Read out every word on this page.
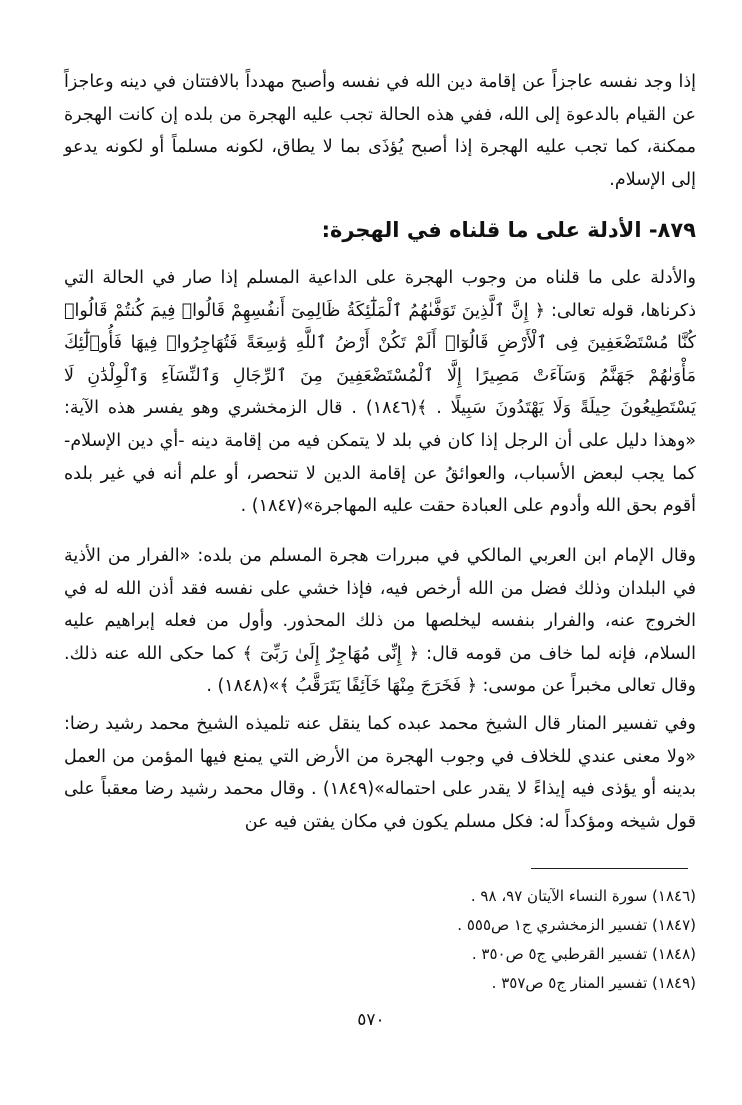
إذا وجد نفسه عاجزاً عن إقامة دين الله في نفسه وأصبح مهدداً بالافتتان في دينه وعاجزاً عن القيام بالدعوة إلى الله، ففي هذه الحالة تجب عليه الهجرة من بلده إن كانت الهجرة ممكنة، كما تجب عليه الهجرة إذا أصبح يُؤذَى بما لا يطاق، لكونه مسلماً أو لكونه يدعو إلى الإسلام.

٨٧٩- الأدلة على ما قلناه في الهجرة:

والأدلة على ما قلناه من وجوب الهجرة على الداعية المسلم إذا صار في الحالة التي ذكرناها، قوله تعالى: ﴿ إِنَّ ٱلَّذِينَ تَوَفَّىٰهُمُ ٱلْمَلَٰٓئِكَةُ ظَالِمِىٓ أَنفُسِهِمْ قَالُوا۟ فِيمَ كُنتُمْ قَالُوا۟ كُنَّا مُسْتَضْعَفِينَ فِى ٱلْأَرْضِ قَالُوٓا۟ أَلَمْ تَكُنْ أَرْضُ ٱللَّهِ وَٰسِعَةً فَتُهَاجِرُوا۟ فِيهَا فَأُو۟لَٰٓئِكَ مَأْوَىٰهُمْ جَهَنَّمُ وَسَآءَتْ مَصِيرًا إِلَّا ٱلْمُسْتَضْعَفِينَ مِنَ ٱلرِّجَالِ وَٱلنِّسَآءِ وَٱلْوِلْدَٰنِ لَا يَسْتَطِيعُونَ حِيلَةً وَلَا يَهْتَدُونَ سَبِيلًا . ﴾(١٨٤٦) . قال الزمخشري وهو يفسر هذه الآية: «وهذا دليل على أن الرجل إذا كان في بلد لا يتمكن فيه من إقامة دينه -أي دين الإسلام- كما يجب لبعض الأسباب، والعوائقُ عن إقامة الدين لا تنحصر، أو علم أنه في غير بلده أقوم بحق الله وأدوم على العبادة حقت عليه المهاجرة»(١٨٤٧) .

وقال الإمام ابن العربي المالكي في مبررات هجرة المسلم من بلده: «الفرار من الأذية في البلدان وذلك فضل من الله أرخص فيه، فإذا خشي على نفسه فقد أذن الله له في الخروج عنه، والفرار بنفسه ليخلصها من ذلك المحذور. وأول من فعله إبراهيم عليه السلام، فإنه لما خاف من قومه قال: ﴿ إِنِّى مُهَاجِرٌ إِلَىٰ رَبِّىٓ ﴾ كما حكى الله عنه ذلك. وقال تعالى مخبراً عن موسى: ﴿ فَخَرَجَ مِنْهَا خَآئِفًا يَتَرَقَّبُ ﴾»(١٨٤٨) .

وفي تفسير المنار قال الشيخ محمد عبده كما ينقل عنه تلميذه الشيخ محمد رشيد رضا: «ولا معنى عندي للخلاف في وجوب الهجرة من الأرض التي يمنع فيها المؤمن من العمل بدينه أو يؤذى فيه إيذاءً لا يقدر على احتماله»(١٨٤٩) . وقال محمد رشيد رضا معقباً على قول شيخه ومؤكداً له: فكل مسلم يكون في مكان يفتن فيه عن

(١٨٤٦) سورة النساء الآيتان ٩٧، ٩٨ .
(١٨٤٧) تفسير الزمخشري ج١ ص٥٥٥ .
(١٨٤٨) تفسير القرطبي ج٥ ص٣٥٠ .
(١٨٤٩) تفسير المنار ج٥ ص٣٥٧ .
٥٧٠
